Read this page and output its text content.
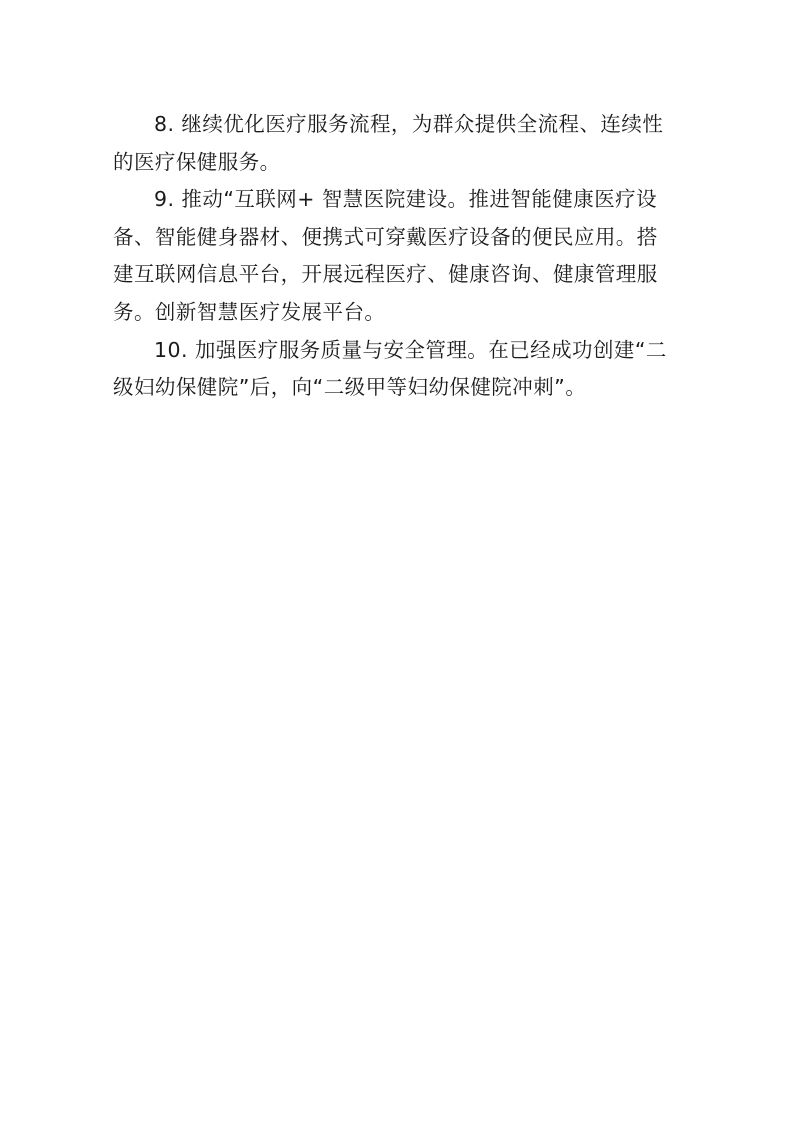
8. 继续优化医疗服务流程，为群众提供全流程、连续性
的医疗保健服务。

9. 推动“互联网+ 智慧医院建设。推进智能健康医疗设
备、智能健身器材、便携式可穿戴医疗设备的便民应用。搭
建互联网信息平台，开展远程医疗、健康咨询、健康管理服
务。创新智慧医疗发展平台。

10. 加强医疗服务质量与安全管理。在已经成功创建“二
级妇幼保健院”后，向“二级甲等妇幼保健院冲刺”。
